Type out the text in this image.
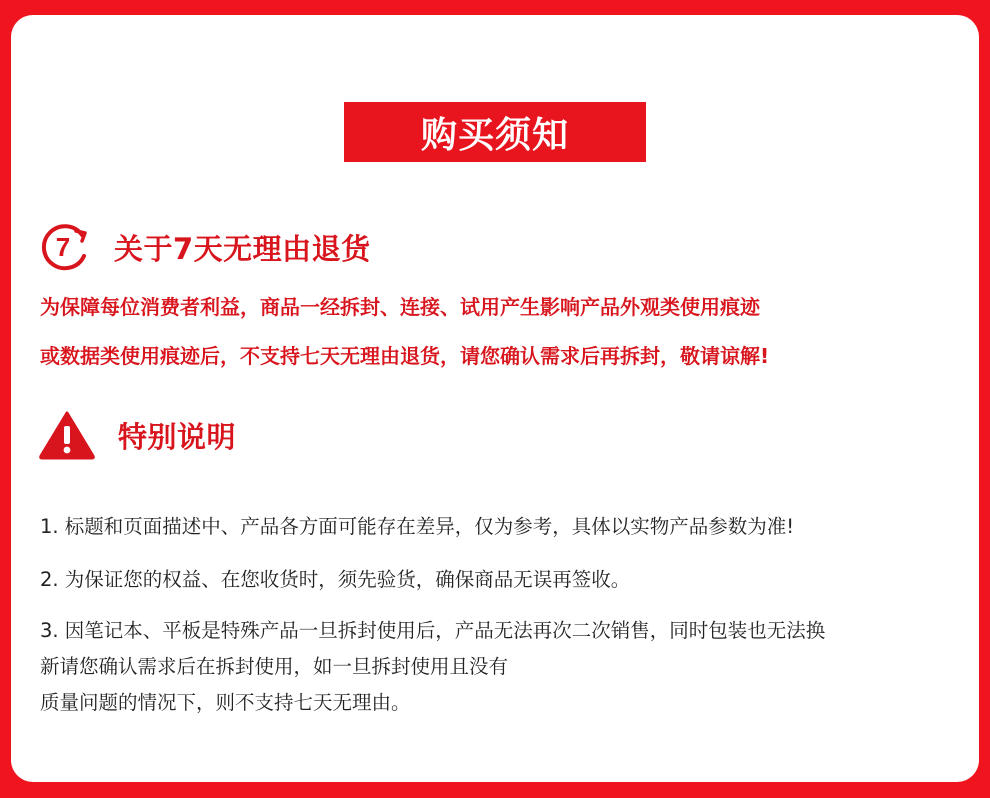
购买须知
7 关于7天无理由退货
为保障每位消费者利益，商品一经拆封、连接、试用产生影响产品外观类使用痕迹
或数据类使用痕迹后，不支持七天无理由退货，请您确认需求后再拆封，敬请谅解!
特别说明
1. 标题和页面描述中、产品各方面可能存在差异，仅为参考，具体以实物产品参数为准!
2. 为保证您的权益、在您收货时，须先验货，确保商品无误再签收。
3. 因笔记本、平板是特殊产品一旦拆封使用后，产品无法再次二次销售，同时包装也无法换
新请您确认需求后在拆封使用，如一旦拆封使用且没有
质量问题的情况下，则不支持七天无理由。
